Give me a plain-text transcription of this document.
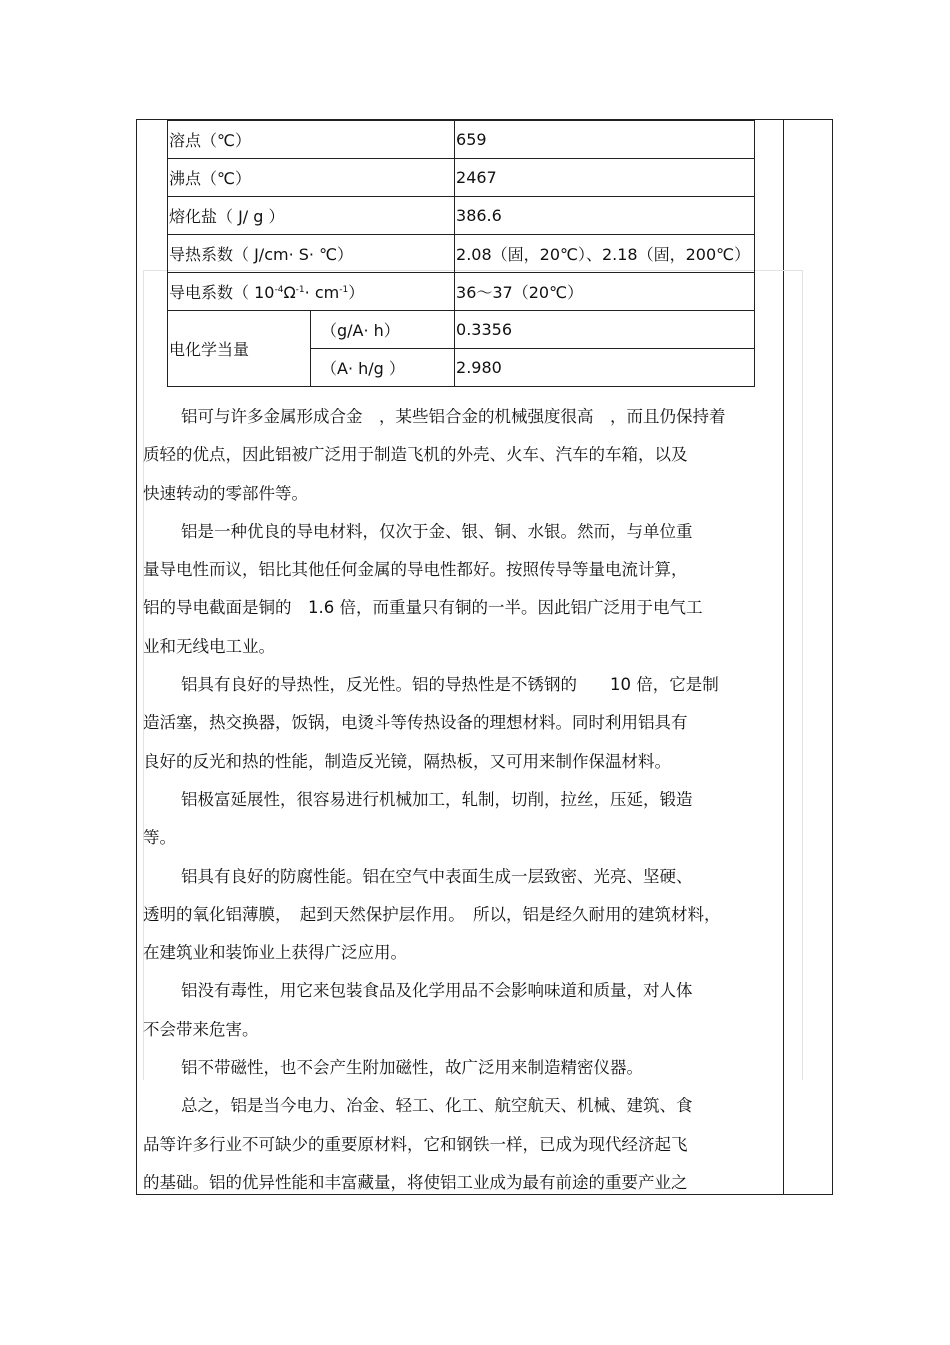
溶点（℃）		659
沸点（℃）		2467
熔化盐（ J/ g ）		386.6
导热系数（ J/cm· S· ℃）		2.08（固，20℃）、2.18（固，200℃）
导电系数（ $10^{-4}\Omega^{-1}\cdot cm^{-1}$）		36～37（20℃）
电化学当量	（g/A· h）	0.3356
	（A· h/g ）	2.980
铝可与许多金属形成合金　，某些铝合金的机械强度很高　，而且仍保持着
质轻的优点，因此铝被广泛用于制造飞机的外壳、火车、汽车的车箱，以及
快速转动的零部件等。
铝是一种优良的导电材料，仅次于金、银、铜、水银。然而，与单位重
量导电性而议，铝比其他任何金属的导电性都好。按照传导等量电流计算，
铝的导电截面是铜的　1.6 倍，而重量只有铜的一半。因此铝广泛用于电气工
业和无线电工业。
铝具有良好的导热性，反光性。铝的导热性是不锈钢的　　10 倍，它是制
造活塞，热交换器，饭锅，电烫斗等传热设备的理想材料。同时利用铝具有
良好的反光和热的性能，制造反光镜，隔热板，又可用来制作保温材料。
铝极富延展性，很容易进行机械加工，轧制，切削，拉丝，压延，锻造
等。
铝具有良好的防腐性能。铝在空气中表面生成一层致密、光亮、坚硬、
透明的氧化铝薄膜，　起到天然保护层作用。　所以，铝是经久耐用的建筑材料，
在建筑业和装饰业上获得广泛应用。
铝没有毒性，用它来包装食品及化学用品不会影响味道和质量，对人体
不会带来危害。
铝不带磁性，也不会产生附加磁性，故广泛用来制造精密仪器。
总之，铝是当今电力、冶金、轻工、化工、航空航天、机械、建筑、食
品等许多行业不可缺少的重要原材料，它和钢铁一样，已成为现代经济起飞
的基础。铝的优异性能和丰富藏量，将使铝工业成为最有前途的重要产业之
